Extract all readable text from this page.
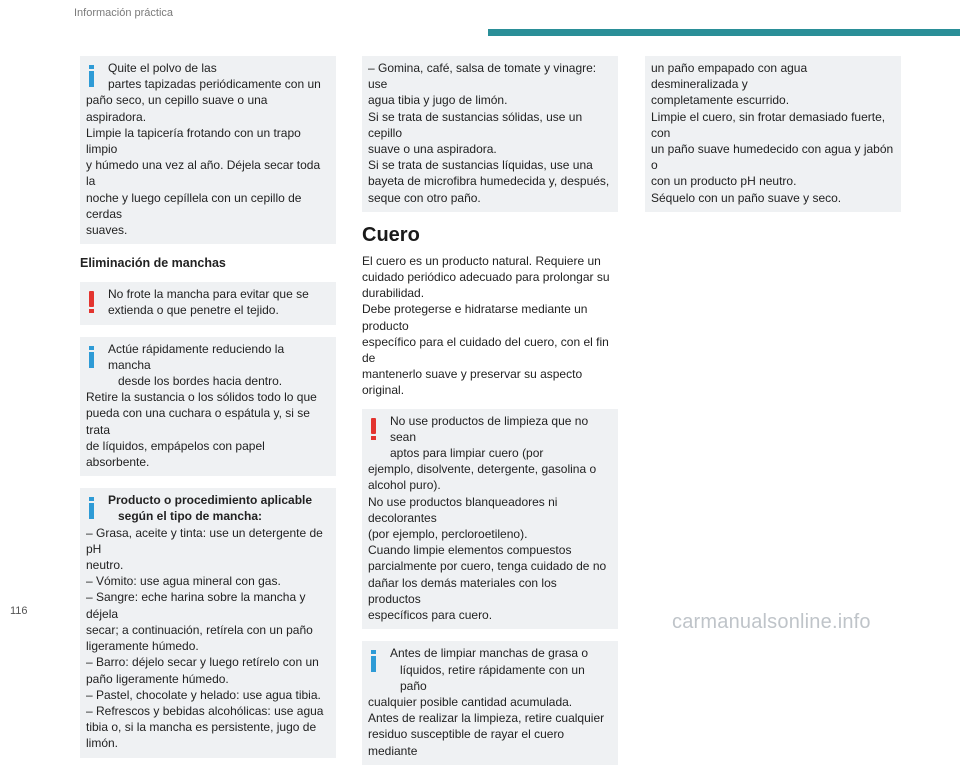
Información práctica

Quite el polvo de las

partes tapizadas periódicamente con un

paño seco, un cepillo suave o una aspiradora.

Limpie la tapicería frotando con un trapo limpio

y húmedo una vez al año. Déjela secar toda la

noche y luego cepíllela con un cepillo de cerdas

suaves.

Eliminación de manchas

No frote la mancha para evitar que se

extienda o que penetre el tejido.

Actúe rápidamente reduciendo la mancha

desde los bordes hacia dentro.

Retire la sustancia o los sólidos todo lo que

pueda con una cuchara o espátula y, si se trata

de líquidos, empápelos con papel absorbente.

Producto o procedimiento aplicable

según el tipo de mancha:

– Grasa, aceite y tinta: use un detergente de pH

neutro.

– Vómito: use agua mineral con gas.

– Sangre: eche harina sobre la mancha y déjela

secar; a continuación, retírela con un paño

ligeramente húmedo.

– Barro: déjelo secar y luego retírelo con un

paño ligeramente húmedo.

– Pastel, chocolate y helado: use agua tibia.

– Refrescos y bebidas alcohólicas: use agua

tibia o, si la mancha es persistente, jugo de

limón.

– Gomina, café, salsa de tomate y vinagre: use

agua tibia y jugo de limón.

Si se trata de sustancias sólidas, use un cepillo

suave o una aspiradora.

Si se trata de sustancias líquidas, use una

bayeta de microfibra humedecida y, después,

seque con otro paño.

Cuero

El cuero es un producto natural. Requiere un

cuidado periódico adecuado para prolongar su

durabilidad.

Debe protegerse e hidratarse mediante un producto

específico para el cuidado del cuero, con el fin de

mantenerlo suave y preservar su aspecto original.

No use productos de limpieza que no sean

aptos para limpiar cuero (por

ejemplo, disolvente, detergente, gasolina o

alcohol puro).

No use productos blanqueadores ni decolorantes

(por ejemplo, percloroetileno).

Cuando limpie elementos compuestos

parcialmente por cuero, tenga cuidado de no

dañar los demás materiales con los productos

específicos para cuero.

Antes de limpiar manchas de grasa o

líquidos, retire rápidamente con un paño

cualquier posible cantidad acumulada.

Antes de realizar la limpieza, retire cualquier

residuo susceptible de rayar el cuero mediante

un paño empapado con agua desmineralizada y

completamente escurrido.

Limpie el cuero, sin frotar demasiado fuerte, con

un paño suave humedecido con agua y jabón o

con un producto pH neutro.

Séquelo con un paño suave y seco.

116	carmanualsonline.info
